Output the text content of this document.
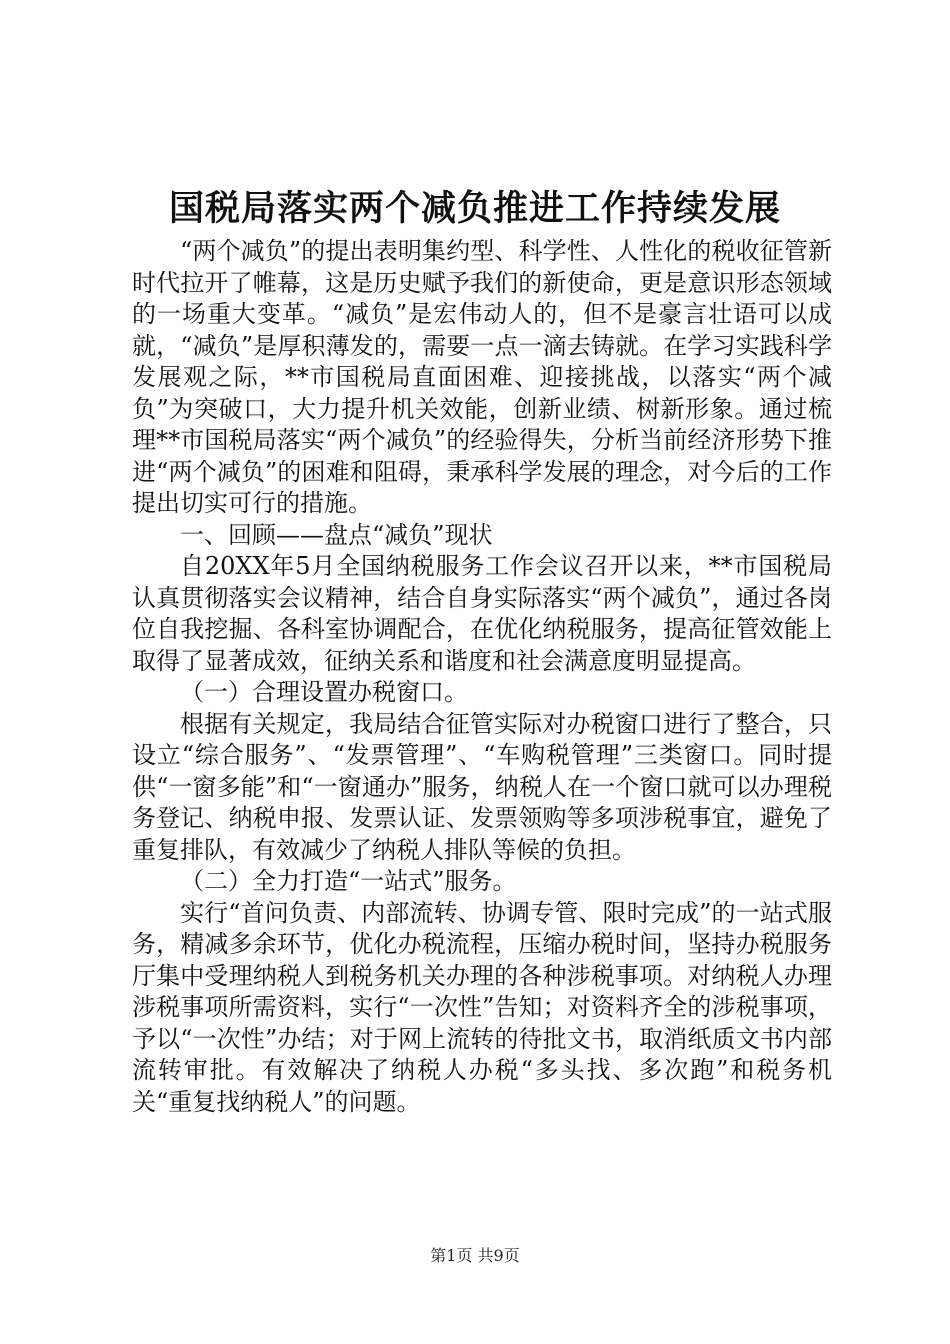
国税局落实两个减负推进工作持续发展

“两个减负”的提出表明集约型、科学性、人性化的税收征管新时代拉开了帷幕，这是历史赋予我们的新使命，更是意识形态领域的一场重大变革。“减负”是宏伟动人的，但不是豪言壮语可以成就，“减负”是厚积薄发的，需要一点一滴去铸就。在学习实践科学发展观之际，**市国税局直面困难、迎接挑战，以落实“两个减负”为突破口，大力提升机关效能，创新业绩、树新形象。通过梳理**市国税局落实“两个减负”的经验得失，分析当前经济形势下推进“两个减负”的困难和阻碍，秉承科学发展的理念，对今后的工作提出切实可行的措施。

一、回顾——盘点“减负”现状

自20XX年5月全国纳税服务工作会议召开以来，**市国税局认真贯彻落实会议精神，结合自身实际落实“两个减负”，通过各岗位自我挖掘、各科室协调配合，在优化纳税服务，提高征管效能上取得了显著成效，征纳关系和谐度和社会满意度明显提高。

（一）合理设置办税窗口。

根据有关规定，我局结合征管实际对办税窗口进行了整合，只设立“综合服务”、“发票管理”、“车购税管理”三类窗口。同时提供“一窗多能”和“一窗通办”服务，纳税人在一个窗口就可以办理税务登记、纳税申报、发票认证、发票领购等多项涉税事宜，避免了重复排队，有效减少了纳税人排队等候的负担。

（二）全力打造“一站式”服务。

实行“首问负责、内部流转、协调专管、限时完成”的一站式服务，精减多余环节，优化办税流程，压缩办税时间，坚持办税服务厅集中受理纳税人到税务机关办理的各种涉税事项。对纳税人办理涉税事项所需资料，实行“一次性”告知；对资料齐全的涉税事项，予以“一次性”办结；对于网上流转的待批文书，取消纸质文书内部流转审批。有效解决了纳税人办税“多头找、多次跑”和税务机关“重复找纳税人”的问题。

第1页 共9页
